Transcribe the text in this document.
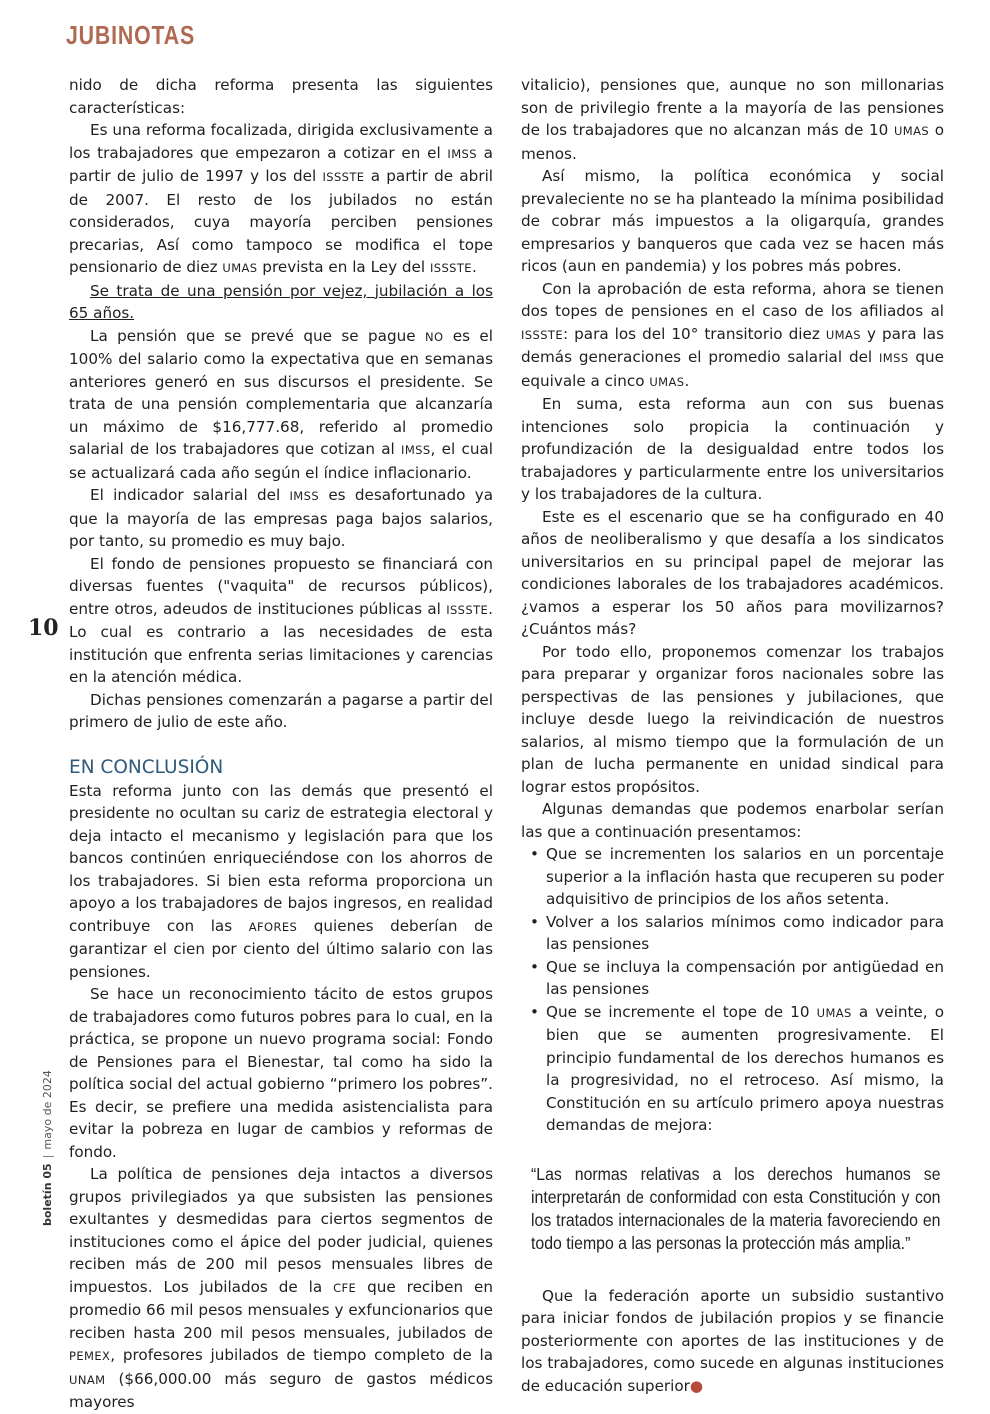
JUBINOTAS
10
boletín 05|mayo de 2024

nido de dicha reforma presenta las siguientes características:

Es una reforma focalizada, dirigida exclusivamente a los trabajadores que empezaron a cotizar en el IMSS a partir de julio de 1997 y los del ISSSTE a partir de abril de 2007. El resto de los jubilados no están considerados, cuya mayoría perciben pensiones precarias, Así como tampoco se modifica el tope pensionario de diez UMAS prevista en la Ley del ISSSTE.

Se trata de una pensión por vejez, jubilación a los 65 años.

La pensión que se prevé que se pague NO es el 100% del salario como la expectativa que en semanas anteriores generó en sus discursos el presidente. Se trata de una pensión complementaria que alcanzaría un máximo de $16,777.68, referido al promedio salarial de los trabajadores que cotizan al IMSS, el cual se actualizará cada año según el índice inflacionario.

El indicador salarial del IMSS es desafortunado ya que la mayoría de las empresas paga bajos salarios, por tanto, su promedio es muy bajo.

El fondo de pensiones propuesto se financiará con diversas fuentes ("vaquita" de recursos públicos), entre otros, adeudos de instituciones públicas al ISSSTE. Lo cual es contrario a las necesidades de esta institución que enfrenta serias limitaciones y carencias en la atención médica.

Dichas pensiones comenzarán a pagarse a partir del primero de julio de este año.

EN CONCLUSIÓN

Esta reforma junto con las demás que presentó el presidente no ocultan su cariz de estrategia electoral y deja intacto el mecanismo y legislación para que los bancos continúen enriqueciéndose con los ahorros de los trabajadores. Si bien esta reforma proporciona un apoyo a los trabajadores de bajos ingresos, en realidad contribuye con las AFORES quienes deberían de garantizar el cien por ciento del último salario con las pensiones.

Se hace un reconocimiento tácito de estos grupos de trabajadores como futuros pobres para lo cual, en la práctica, se propone un nuevo programa social: Fondo de Pensiones para el Bienestar, tal como ha sido la política social del actual gobierno “primero los pobres”. Es decir, se prefiere una medida asistencialista para evitar la pobreza en lugar de cambios y reformas de fondo.

La política de pensiones deja intactos a diversos grupos privilegiados ya que subsisten las pensiones exultantes y desmedidas para ciertos segmentos de instituciones como el ápice del poder judicial, quienes reciben más de 200 mil pesos mensuales libres de impuestos. Los jubilados de la CFE que reciben en promedio 66 mil pesos mensuales y exfuncionarios que reciben hasta 200 mil pesos mensuales, jubilados de PEMEX, profesores jubilados de tiempo completo de la UNAM ($66,000.00 más seguro de gastos médicos mayores

vitalicio), pensiones que, aunque no son millonarias son de privilegio frente a la mayoría de las pensiones de los trabajadores que no alcanzan más de 10 UMAS o menos.

Así mismo, la política económica y social prevaleciente no se ha planteado la mínima posibilidad de cobrar más impuestos a la oligarquía, grandes empresarios y banqueros que cada vez se hacen más ricos (aun en pandemia) y los pobres más pobres.

Con la aprobación de esta reforma, ahora se tienen dos topes de pensiones en el caso de los afiliados al ISSSTE: para los del 10° transitorio diez UMAS y para las demás generaciones el promedio salarial del IMSS que equivale a cinco UMAS.

En suma, esta reforma aun con sus buenas intenciones solo propicia la continuación y profundización de la desigualdad entre todos los trabajadores y particularmente entre los universitarios y los trabajadores de la cultura.

Este es el escenario que se ha configurado en 40 años de neoliberalismo y que desafía a los sindicatos universitarios en su principal papel de mejorar las condiciones laborales de los trabajadores académicos. ¿vamos a esperar los 50 años para movilizarnos? ¿Cuántos más?

Por todo ello, proponemos comenzar los trabajos para preparar y organizar foros nacionales sobre las perspectivas de las pensiones y jubilaciones, que incluye desde luego la reivindicación de nuestros salarios, al mismo tiempo que la formulación de un plan de lucha permanente en unidad sindical para lograr estos propósitos.

Algunas demandas que podemos enarbolar serían las que a continuación presentamos:

• Que se incrementen los salarios en un porcentaje superior a la inflación hasta que recuperen su poder adquisitivo de principios de los años setenta.
• Volver a los salarios mínimos como indicador para las pensiones
• Que se incluya la compensación por antigüedad en las pensiones
• Que se incremente el tope de 10 UMAS a veinte, o bien que se aumenten progresivamente. El principio fundamental de los derechos humanos es la progresividad, no el retroceso. Así mismo, la Constitución en su artículo primero apoya nuestras demandas de mejora:
“Las normas relativas a los derechos humanos se interpretarán de conformidad con esta Constitución y con los tratados internacionales de la materia favoreciendo en todo tiempo a las personas la protección más amplia.”

Que la federación aporte un subsidio sustantivo para iniciar fondos de jubilación propios y se financie posteriormente con aportes de las instituciones y de los trabajadores, como sucede en algunas instituciones de educación superior●
